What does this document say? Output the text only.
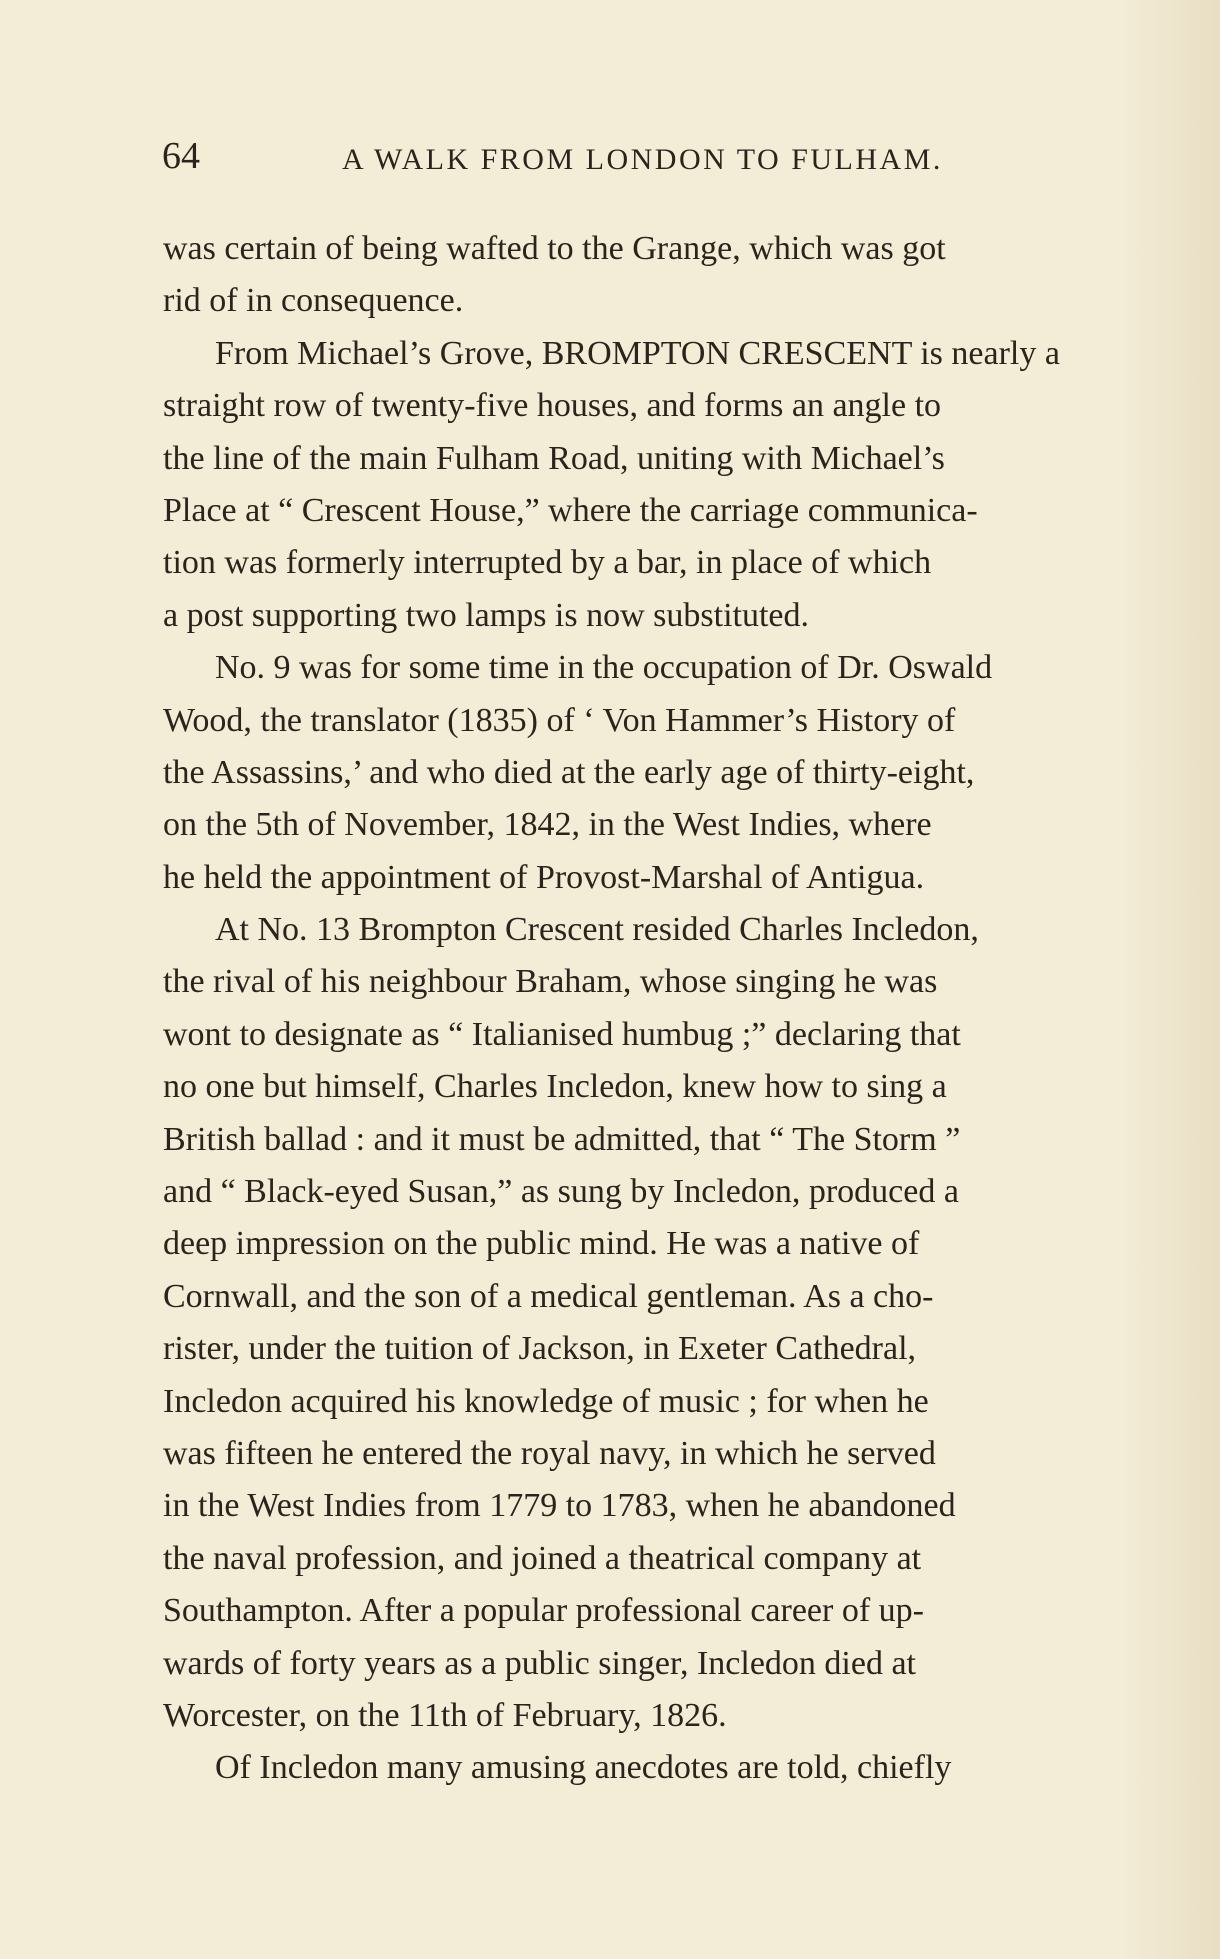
64	A WALK FROM LONDON TO FULHAM.
was certain of being wafted to the Grange, which was got
rid of in consequence.
From Michael’s Grove, BROMPTON CRESCENT is nearly a
straight row of twenty-five houses, and forms an angle to
the line of the main Fulham Road, uniting with Michael’s
Place at “ Crescent House,” where the carriage communica-
tion was formerly interrupted by a bar, in place of which
a post supporting two lamps is now substituted.
No. 9 was for some time in the occupation of Dr. Oswald
Wood, the translator (1835) of ‘ Von Hammer’s History of
the Assassins,’ and who died at the early age of thirty-eight,
on the 5th of November, 1842, in the West Indies, where
he held the appointment of Provost-Marshal of Antigua.
At No. 13 Brompton Crescent resided Charles Incledon,
the rival of his neighbour Braham, whose singing he was
wont to designate as “ Italianised humbug ;” declaring that
no one but himself, Charles Incledon, knew how to sing a
British ballad : and it must be admitted, that “ The Storm ”
and “ Black-eyed Susan,” as sung by Incledon, produced a
deep impression on the public mind. He was a native of
Cornwall, and the son of a medical gentleman. As a cho-
rister, under the tuition of Jackson, in Exeter Cathedral,
Incledon acquired his knowledge of music ; for when he
was fifteen he entered the royal navy, in which he served
in the West Indies from 1779 to 1783, when he abandoned
the naval profession, and joined a theatrical company at
Southampton. After a popular professional career of up-
wards of forty years as a public singer, Incledon died at
Worcester, on the 11th of February, 1826.
Of Incledon many amusing anecdotes are told, chiefly
